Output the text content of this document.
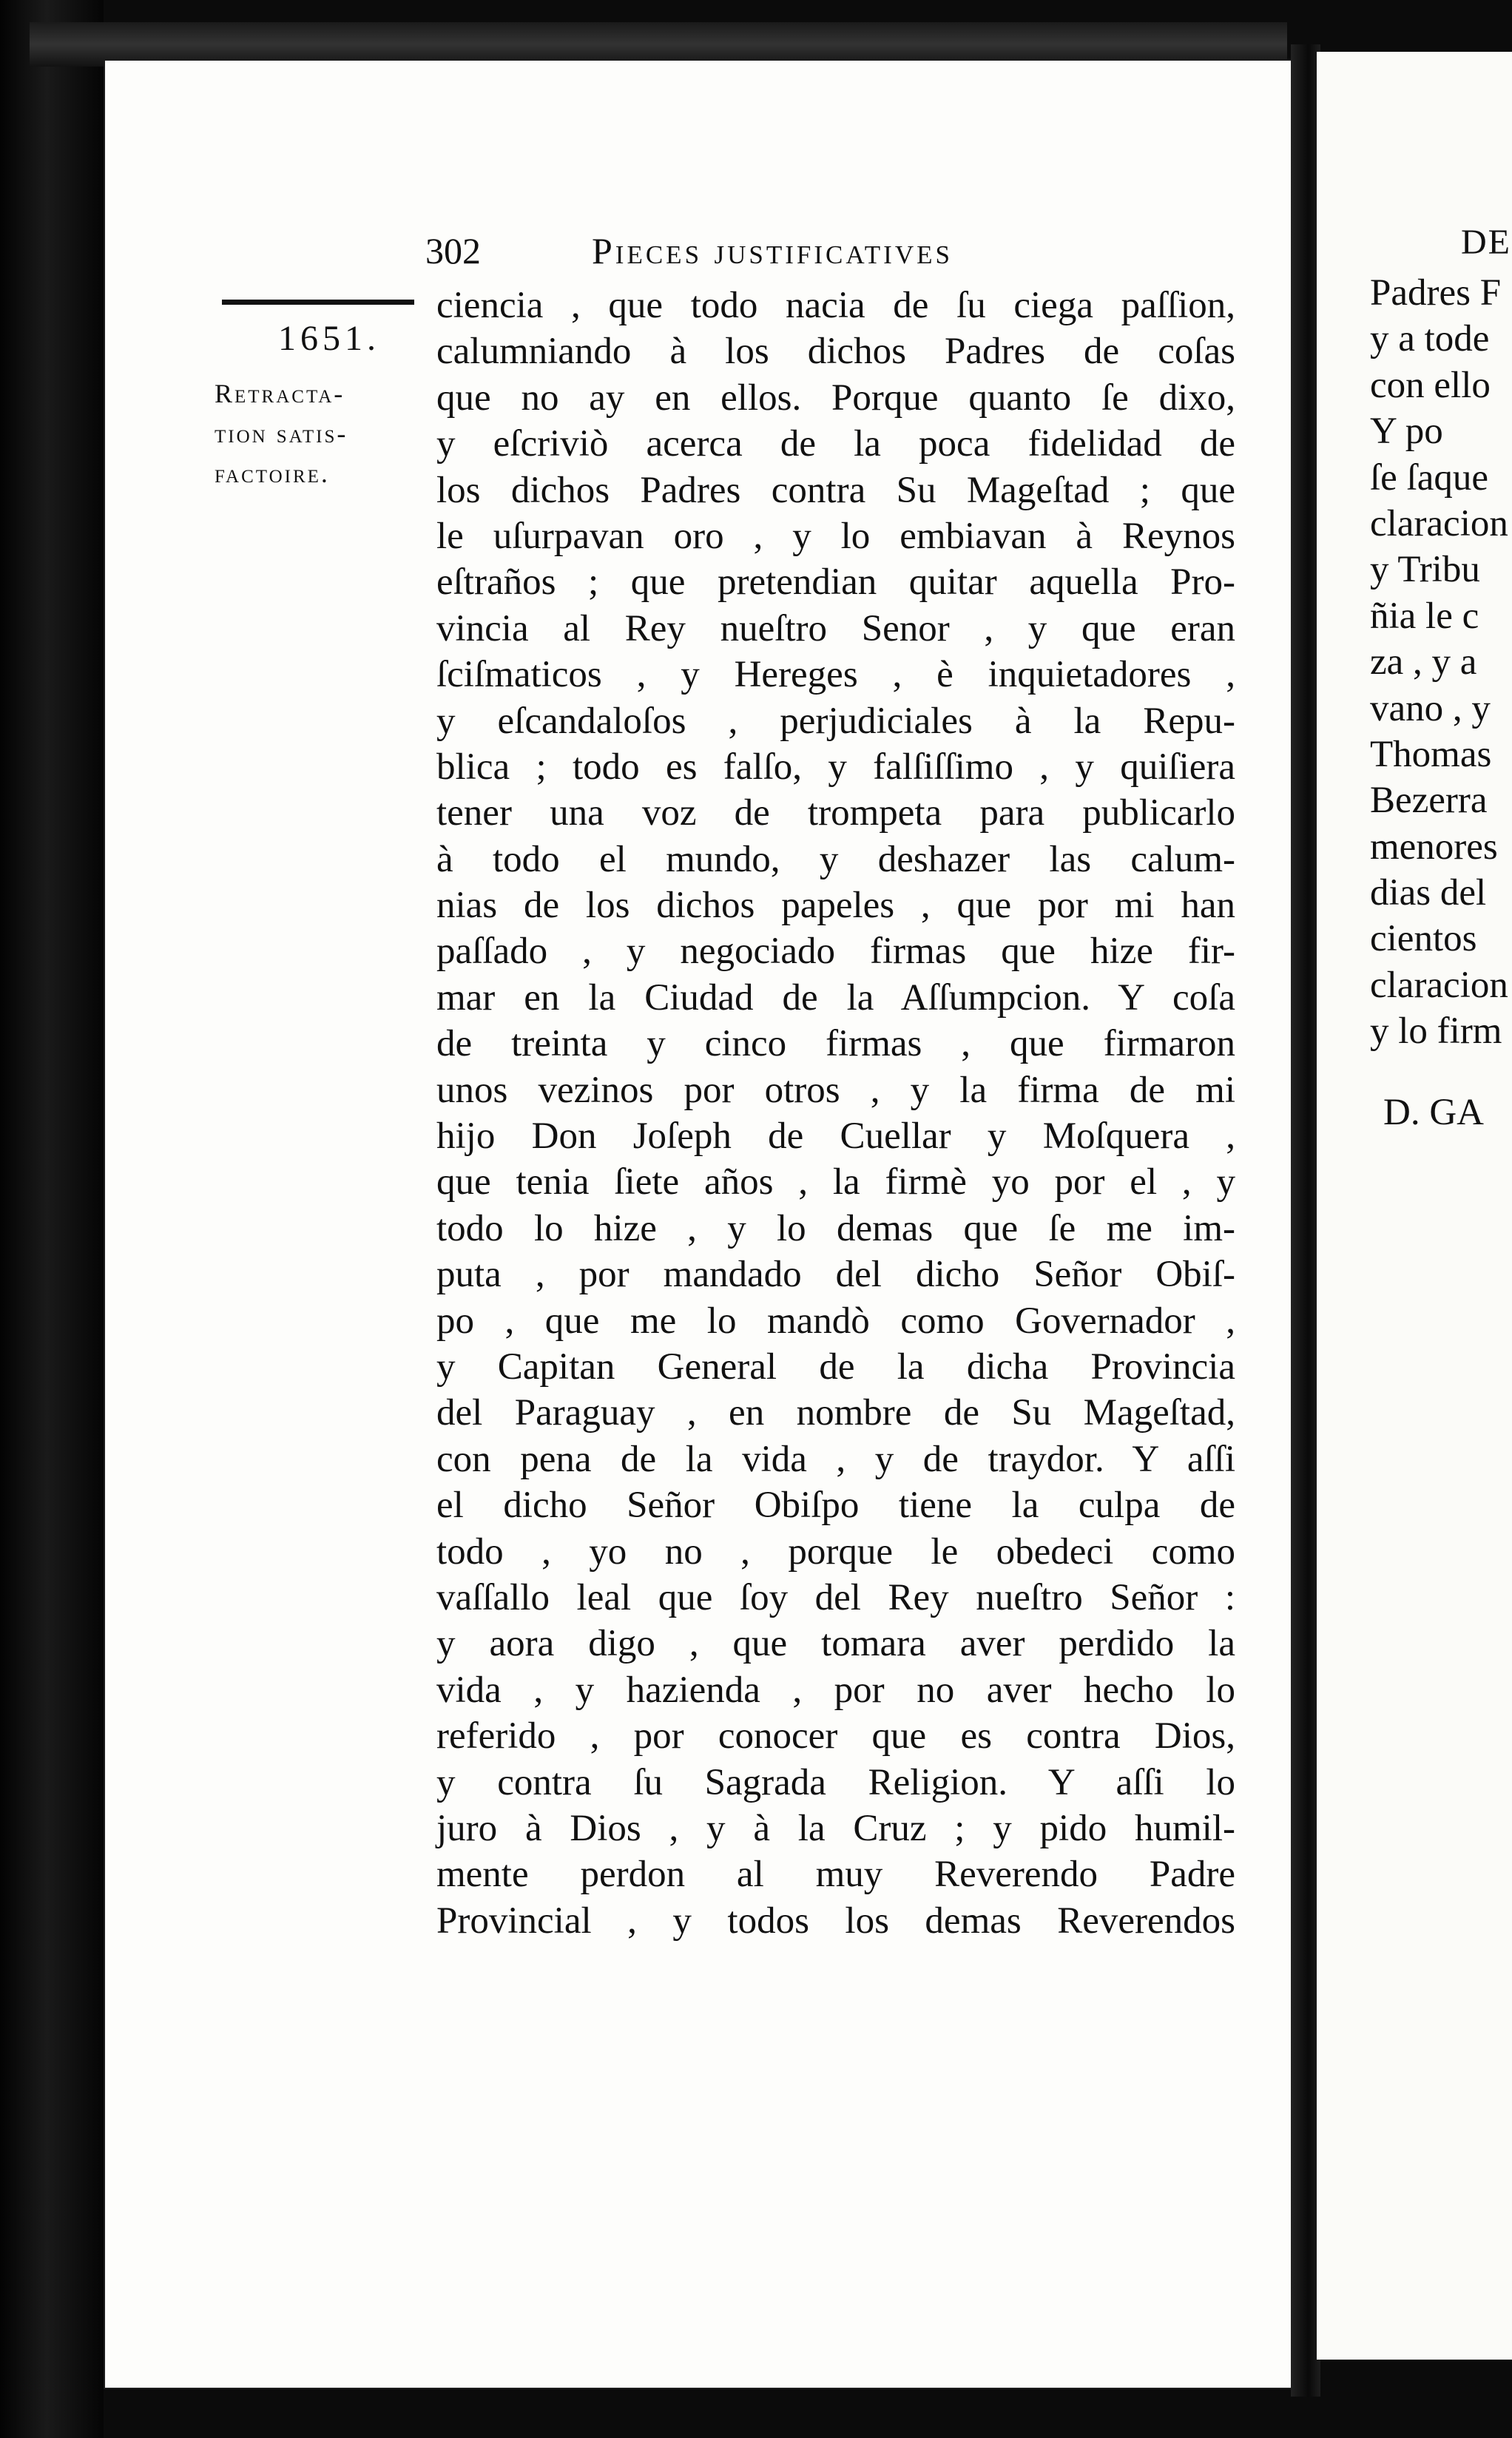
302	Pieces justificatives
1651.
Retracta-
tion satis-
factoire.
ciencia , que todo nacia de ſu ciega paſſion,
calumniando à los dichos Padres de coſas
que no ay en ellos. Porque quanto ſe dixo,
y eſcriviò acerca de la poca fidelidad de
los dichos Padres contra Su Mageſtad ; que
le uſurpavan oro , y lo embiavan à Reynos
eſtraños ; que pretendian quitar aquella Pro-
vincia al Rey nueſtro Senor , y que eran
ſciſmaticos , y Hereges , è inquietadores ,
y eſcandaloſos , perjudiciales à la Repu-
blica ; todo es falſo, y falſiſſimo , y quiſiera
tener una voz de trompeta para publicarlo
à todo el mundo, y deshazer las calum-
nias de los dichos papeles , que por mi han
paſſado , y negociado firmas que hize fir-
mar en la Ciudad de la Aſſumpcion. Y coſa
de treinta y cinco firmas , que firmaron
unos vezinos por otros , y la firma de mi
hijo Don Joſeph de Cuellar y Moſquera ,
que tenia ſiete años , la firmè yo por el , y
todo lo hize , y lo demas que ſe me im-
puta , por mandado del dicho Señor Obiſ-
po , que me lo mandò como Governador ,
y Capitan General de la dicha Provincia
del Paraguay , en nombre de Su Mageſtad,
con pena de la vida , y de traydor. Y aſſi
el dicho Señor Obiſpo tiene la culpa de
todo , yo no , porque le obedeci como
vaſſallo leal que ſoy del Rey nueſtro Señor :
y aora digo , que tomara aver perdido la
vida , y hazienda , por no aver hecho lo
referido , por conocer que es contra Dios,
y contra ſu Sagrada Religion. Y aſſi lo
juro à Dios , y à la Cruz ; y pido humil-
mente perdon al muy Reverendo Padre
Provincial , y todos los demas Reverendos
DE
Padres F
y a tode
con ello
Y po
ſe ſaque
claracion
y Tribu
ñia le c
za , y a
vano , y
Thomas
Bezerra
menores
dias del
cientos
claracion
y lo firm
D. GA
